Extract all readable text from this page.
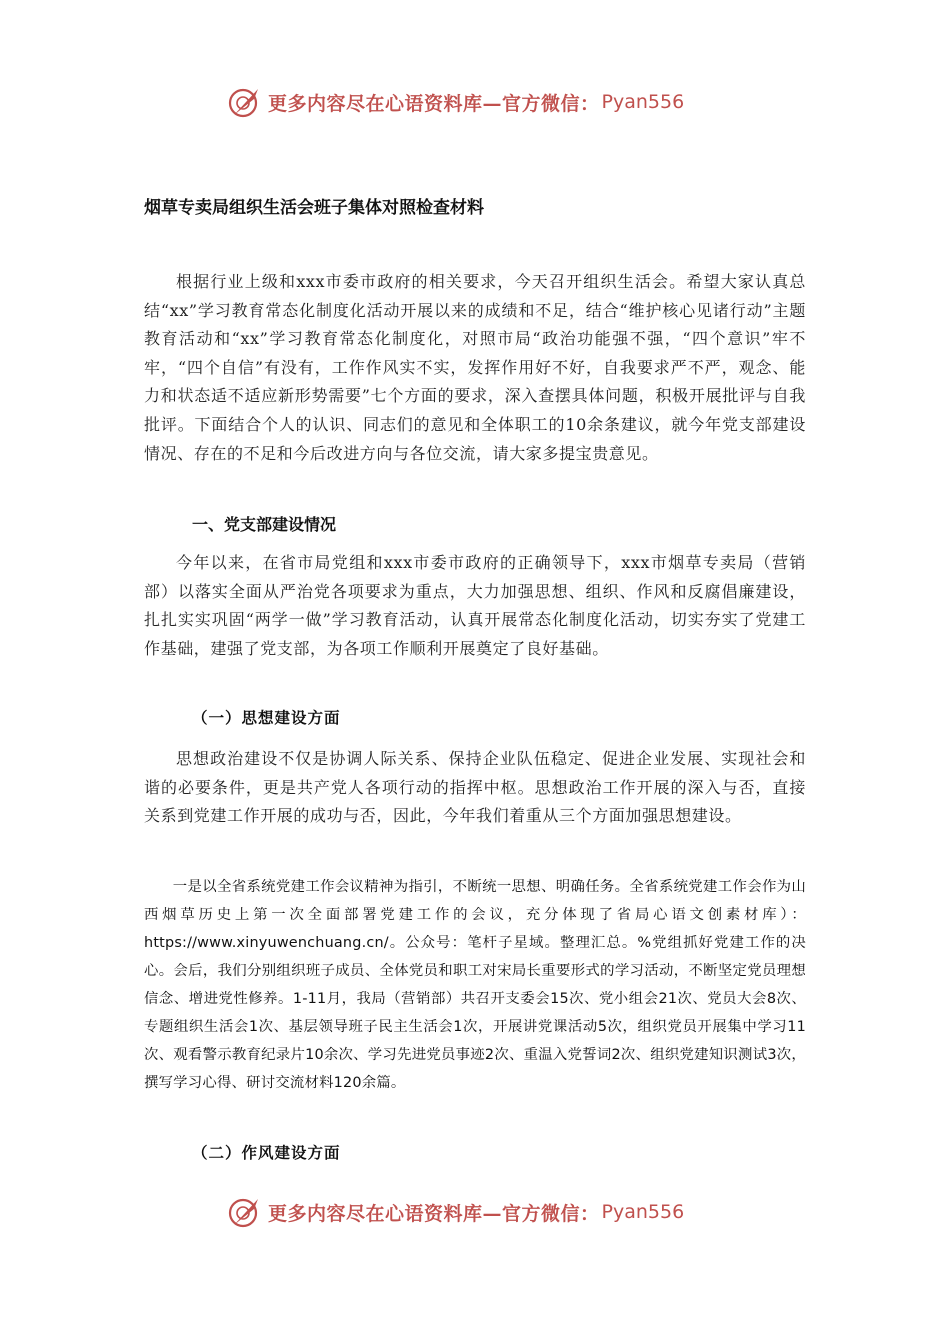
更多内容尽在心语资料库—官方微信： Pyan556
烟草专卖局组织生活会班子集体对照检查材料

根据行业上级和xxx市委市政府的相关要求，今天召开组织生活会。希望大家认真总结“xx”学习教育常态化制度化活动开展以来的成绩和不足，结合“维护核心见诸行动”主题教育活动和“xx”学习教育常态化制度化，对照市局“政治功能强不强，“四个意识”牢不牢，“四个自信”有没有，工作作风实不实，发挥作用好不好，自我要求严不严，观念、能力和状态适不适应新形势需要”七个方面的要求，深入查摆具体问题，积极开展批评与自我批评。下面结合个人的认识、同志们的意见和全体职工的10余条建议，就今年党支部建设情况、存在的不足和今后改进方向与各位交流，请大家多提宝贵意见。

一、党支部建设情况

今年以来，在省市局党组和xxx市委市政府的正确领导下，xxx市烟草专卖局（营销部）以落实全面从严治党各项要求为重点，大力加强思想、组织、作风和反腐倡廉建设，扎扎实实巩固“两学一做”学习教育活动，认真开展常态化制度化活动，切实夯实了党建工作基础，建强了党支部，为各项工作顺利开展奠定了良好基础。

（一）思想建设方面

思想政治建设不仅是协调人际关系、保持企业队伍稳定、促进企业发展、实现社会和谐的必要条件，更是共产党人各项行动的指挥中枢。思想政治工作开展的深入与否，直接关系到党建工作开展的成功与否，因此，今年我们着重从三个方面加强思想建设。

一是以全省系统党建工作会议精神为指引，不断统一思想、明确任务。全省系统党建工作会作为山西烟草历史上第一次全面部署党建工作的会议，充分体现了省局心语文创素材库）：https://www.xinyuwenchuang.cn/。公众号：笔杆子星域。整理汇总。%党组抓好党建工作的决心。会后，我们分别组织班子成员、全体党员和职工对宋局长重要形式的学习活动，不断坚定党员理想信念、增进党性修养。1-11月，我局（营销部）共召开支委会15次、党小组会21次、党员大会8次、专题组织生活会1次、基层领导班子民主生活会1次，开展讲党课活动5次，组织党员开展集中学习11次、观看警示教育纪录片10余次、学习先进党员事迹2次、重温入党誓词2次、组织党建知识测试3次，撰写学习心得、研讨交流材料120余篇。

（二）作风建设方面
更多内容尽在心语资料库—官方微信： Pyan556
